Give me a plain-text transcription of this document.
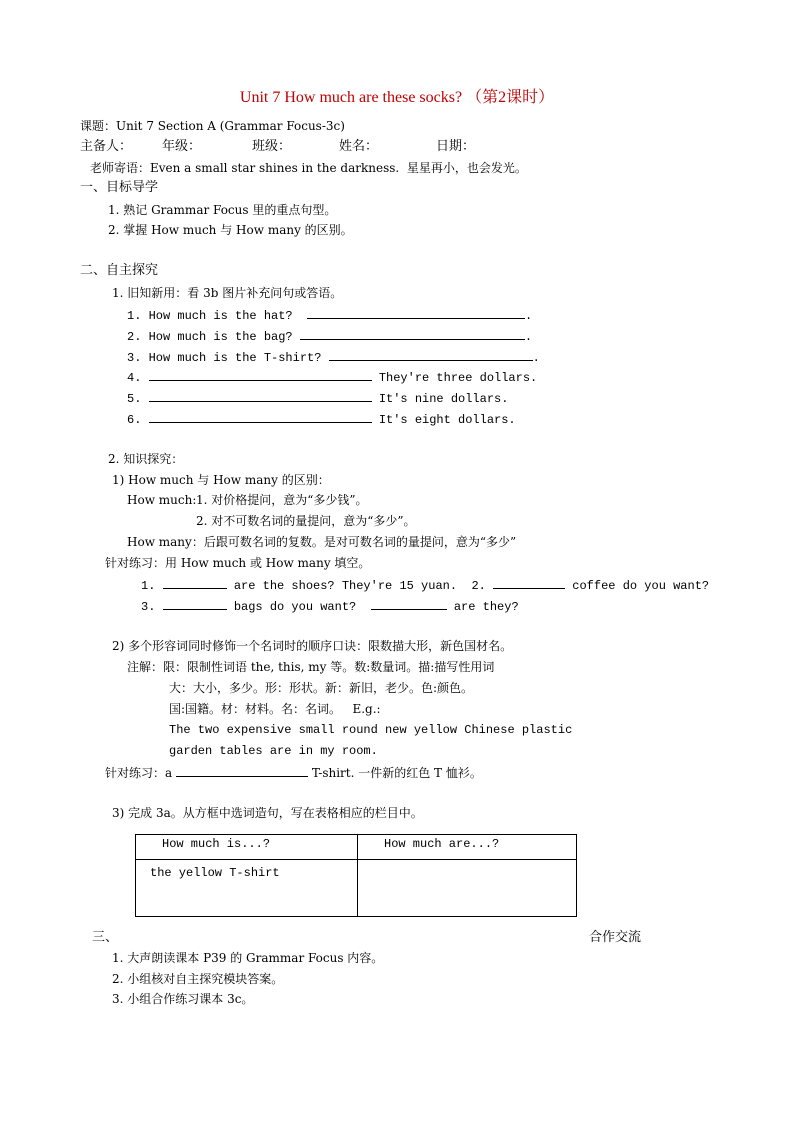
Unit 7 How much are these socks? （第2课时）
课题：Unit 7 Section A (Grammar Focus-3c)
主备人： 年级：	班级：	姓名：	日期：
老师寄语：Even a small star shines in the darkness.  星星再小，也会发光。
一、目标导学
1. 熟记 Grammar Focus 里的重点句型。
2. 掌握 How much 与 How many 的区别。
二、自主探究
1. 旧知新用：看 3b 图片补充问句或答语。
1. How much is the hat?	.
2. How much is the bag?	.
3. How much is the T-shirt?	.
4.	They're three dollars.
5.	It's nine dollars.
6.	It's eight dollars.
2. 知识探究：
1) How much 与 How many 的区别：
How much: 1. 对价格提问，意为“多少钱”。
2. 对不可数名词的量提问，意为“多少”。
How many：后跟可数名词的复数。是对可数名词的量提问，意为“多少”
针对练习：用 How much 或 How many 填空。
1.	are the shoes? They're 15 yuan. 2.	coffee do you want?
3.	bags do you want?	are they?
2) 多个形容词同时修饰一个名词时的顺序口诀：限数描大形，新色国材名。
注解：限：限制性词语 the, this, my 等。数:数量词。描:描写性用词
大：大小，多少。形：形状。新：新旧，老少。色:颜色。
国:国籍。材：材料。名：名词。   E.g.:
The two expensive small round new yellow Chinese plastic
garden tables are in my room.
针对练习：a	T-shirt. 一件新的红色 T 恤衫。
3) 完成 3a。从方框中选词造句，写在表格相应的栏目中。
How much is...?	How much are...?
the yellow T-shirt	
三、	合作交流
1. 大声朗读课本 P39 的 Grammar Focus 内容。
2. 小组核对自主探究模块答案。
3. 小组合作练习课本 3c。
